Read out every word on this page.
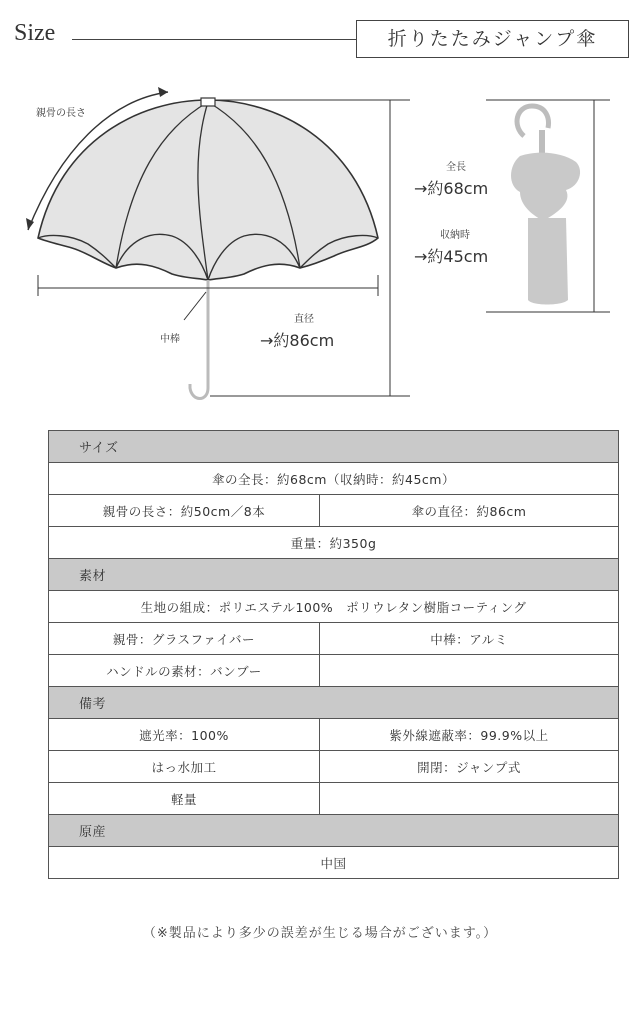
Size	折りたたみジャンプ傘
親骨の長さ
中棒
直径
→約86cm
全長
→約68cm
収納時
→約45cm
サイズ	
傘の全長：約68cm（収納時：約45cm）	
親骨の長さ：約50cm／8本	傘の直径：約86cm
重量：約350g	
素材	
生地の組成：ポリエステル100%　ポリウレタン樹脂コーティング	
親骨：グラスファイバー	中棒：アルミ
ハンドルの素材：バンブー	
備考	
遮光率：100%	紫外線遮蔽率：99.9%以上
はっ水加工	開閉：ジャンプ式
軽量	
原産	
中国	
（※製品により多少の誤差が生じる場合がございます。）
